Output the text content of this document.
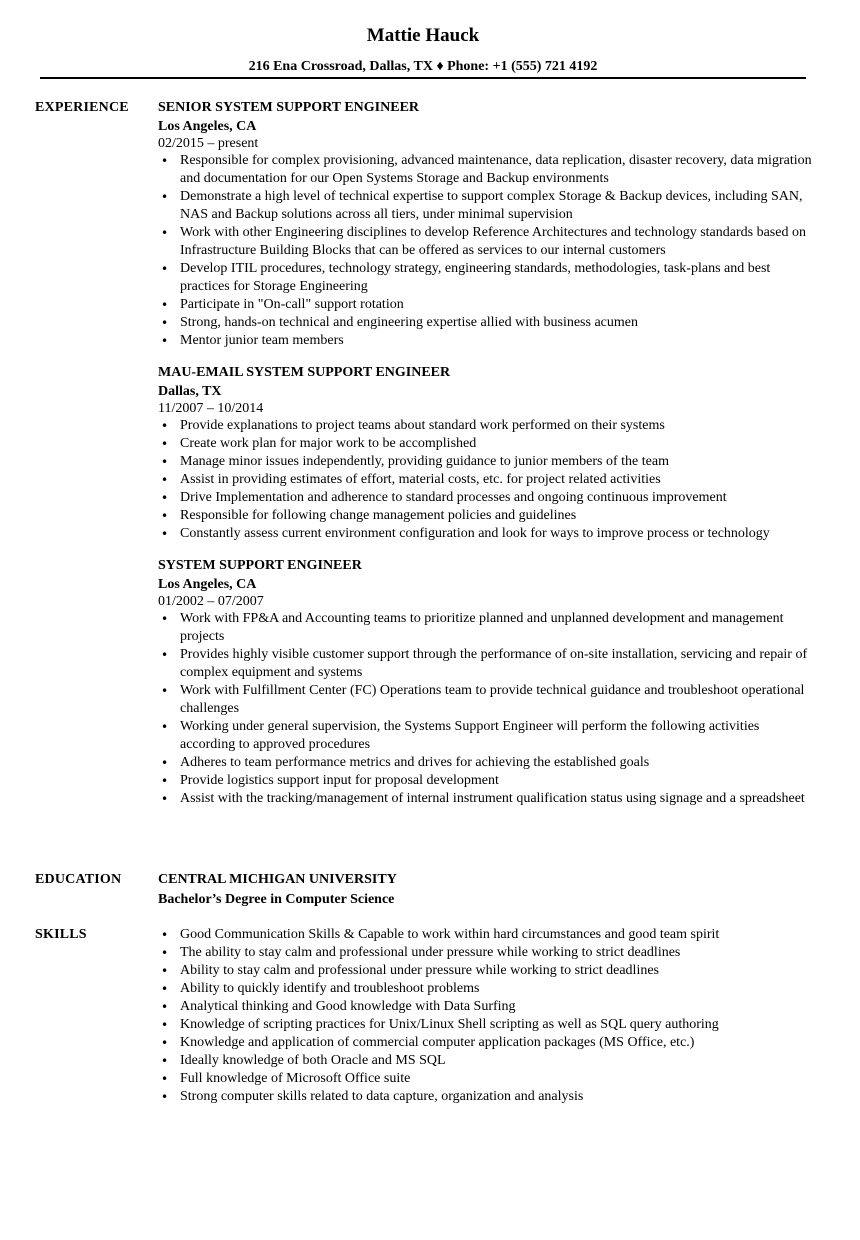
Mattie Hauck
216 Ena Crossroad, Dallas, TX ♦ Phone: +1 (555) 721 4192
EXPERIENCE SENIOR SYSTEM SUPPORT ENGINEER
Los Angeles, CA
02/2015 – present
• Responsible for complex provisioning, advanced maintenance, data replication, disaster recovery, data migration and documentation for our Open Systems Storage and Backup environments
• Demonstrate a high level of technical expertise to support complex Storage & Backup devices, including SAN, NAS and Backup solutions across all tiers, under minimal supervision
• Work with other Engineering disciplines to develop Reference Architectures and technology standards based on Infrastructure Building Blocks that can be offered as services to our internal customers
• Develop ITIL procedures, technology strategy, engineering standards, methodologies, task-plans and best practices for Storage Engineering
• Participate in "On-call" support rotation
• Strong, hands-on technical and engineering expertise allied with business acumen
• Mentor junior team members
MAU-EMAIL SYSTEM SUPPORT ENGINEER
Dallas, TX
11/2007 – 10/2014
• Provide explanations to project teams about standard work performed on their systems
• Create work plan for major work to be accomplished
• Manage minor issues independently, providing guidance to junior members of the team
• Assist in providing estimates of effort, material costs, etc. for project related activities
• Drive Implementation and adherence to standard processes and ongoing continuous improvement
• Responsible for following change management policies and guidelines
• Constantly assess current environment configuration and look for ways to improve process or technology
SYSTEM SUPPORT ENGINEER
Los Angeles, CA
01/2002 – 07/2007
• Work with FP&A and Accounting teams to prioritize planned and unplanned development and management projects
• Provides highly visible customer support through the performance of on-site installation, servicing and repair of complex equipment and systems
• Work with Fulfillment Center (FC) Operations team to provide technical guidance and troubleshoot operational challenges
• Working under general supervision, the Systems Support Engineer will perform the following activities according to approved procedures
• Adheres to team performance metrics and drives for achieving the established goals
• Provide logistics support input for proposal development
• Assist with the tracking/management of internal instrument qualification status using signage and a spreadsheet
EDUCATION	CENTRAL MICHIGAN UNIVERSITY
Bachelor’s Degree in Computer Science
SKILLS
•	Good Communication Skills & Capable to work within hard circumstances and good team spirit
• The ability to stay calm and professional under pressure while working to strict deadlines
• Ability to stay calm and professional under pressure while working to strict deadlines
• Ability to quickly identify and troubleshoot problems
• Analytical thinking and Good knowledge with Data Surfing
• Knowledge of scripting practices for Unix/Linux Shell scripting as well as SQL query authoring
• Knowledge and application of commercial computer application packages (MS Office, etc.)
• Ideally knowledge of both Oracle and MS SQL
• Full knowledge of Microsoft Office suite
• Strong computer skills related to data capture, organization and analysis
